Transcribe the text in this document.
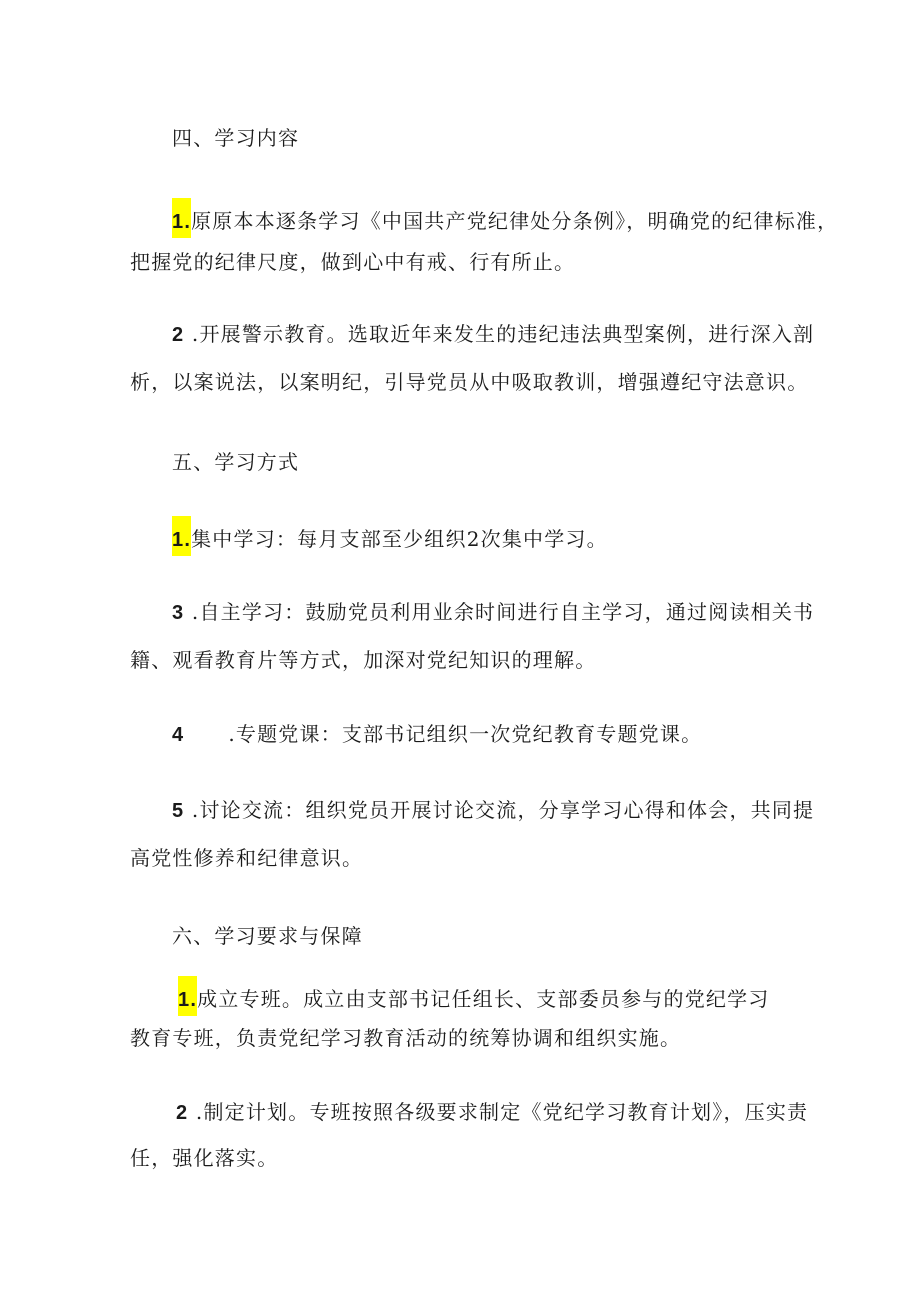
四、学习内容
1.原原本本逐条学习《中国共产党纪律处分条例》，明确党的纪律标准，
把握党的纪律尺度，做到心中有戒、行有所止。
2 .开展警示教育。选取近年来发生的违纪违法典型案例，进行深入剖
析，以案说法，以案明纪，引导党员从中吸取教训，增强遵纪守法意识。
五、学习方式
1.集中学习：每月支部至少组织2次集中学习。
3 .自主学习：鼓励党员利用业余时间进行自主学习，通过阅读相关书
籍、观看教育片等方式，加深对党纪知识的理解。
4 .专题党课：支部书记组织一次党纪教育专题党课。
5 .讨论交流：组织党员开展讨论交流，分享学习心得和体会，共同提
高党性修养和纪律意识。
六、学习要求与保障
1.成立专班。成立由支部书记任组长、支部委员参与的党纪学习
教育专班，负责党纪学习教育活动的统筹协调和组织实施。
2 .制定计划。专班按照各级要求制定《党纪学习教育计划》，压实责
任，强化落实。
